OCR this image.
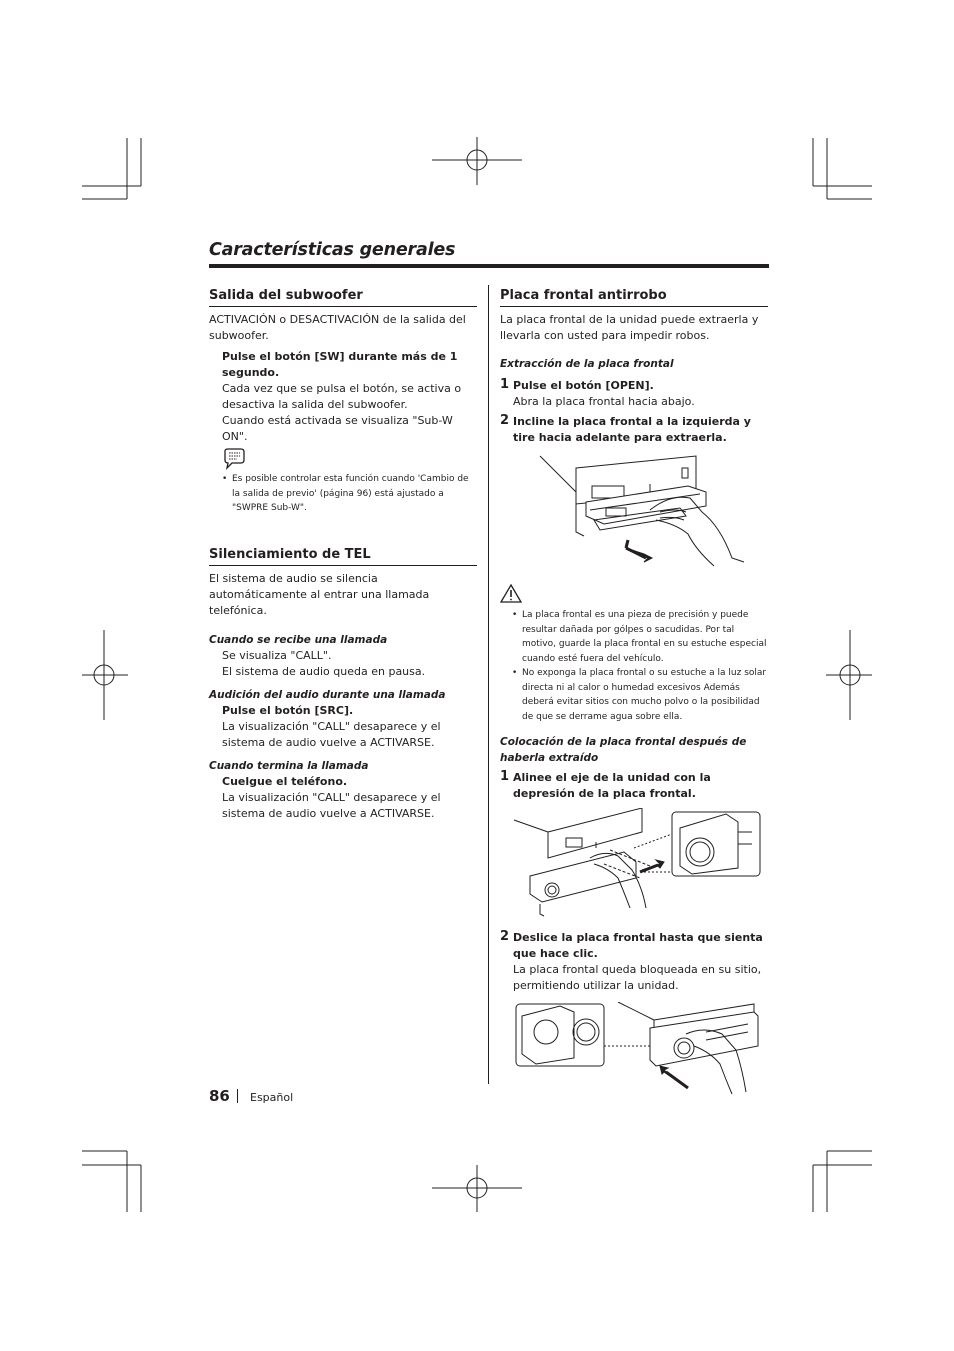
Características generales
Salida del subwoofer

ACTIVACIÓN o DESACTIVACIÓN de la salida del subwoofer.

Pulse el botón [SW] durante más de 1 segundo.

Cada vez que se pulsa el botón, se activa o desactiva la salida del subwoofer.

Cuando está activada se visualiza "Sub-W ON".

• Es posible controlar esta función cuando 'Cambio de la salida de previo' (página 96) está ajustado a "SWPRE Sub-W".

Silenciamiento de TEL

El sistema de audio se silencia automáticamente al entrar una llamada telefónica.

Cuando se recibe una llamada

Se visualiza "CALL".

El sistema de audio queda en pausa.

Audición del audio durante una llamada

Pulse el botón [SRC].

La visualización "CALL" desaparece y el sistema de audio vuelve a ACTIVARSE.

Cuando termina la llamada

Cuelgue el teléfono.

La visualización "CALL" desaparece y el sistema de audio vuelve a ACTIVARSE.

Placa frontal antirrobo

La placa frontal de la unidad puede extraerla y llevarla con usted para impedir robos.

Extracción de la placa frontal

1 Pulse el botón [OPEN].

Abra la placa frontal hacia abajo.

2 Incline la placa frontal a la izquierda y tire hacia adelante para extraerla.

• La placa frontal es una pieza de precisión y puede resultar dañada por gólpes o sacudidas. Por tal motivo, guarde la placa frontal en su estuche especial cuando esté fuera del vehículo.

• No exponga la placa frontal o su estuche a la luz solar directa ni al calor o humedad excesivos Además deberá evitar sitios con mucho polvo o la posibilidad de que se derrame agua sobre ella.

Colocación de la placa frontal después de haberla extraído

1 Alinee el eje de la unidad con la depresión de la placa frontal.

2 Deslice la placa frontal hasta que sienta que hace clic.

La placa frontal queda bloqueada en su sitio, permitiendo utilizar la unidad.

86 Español
